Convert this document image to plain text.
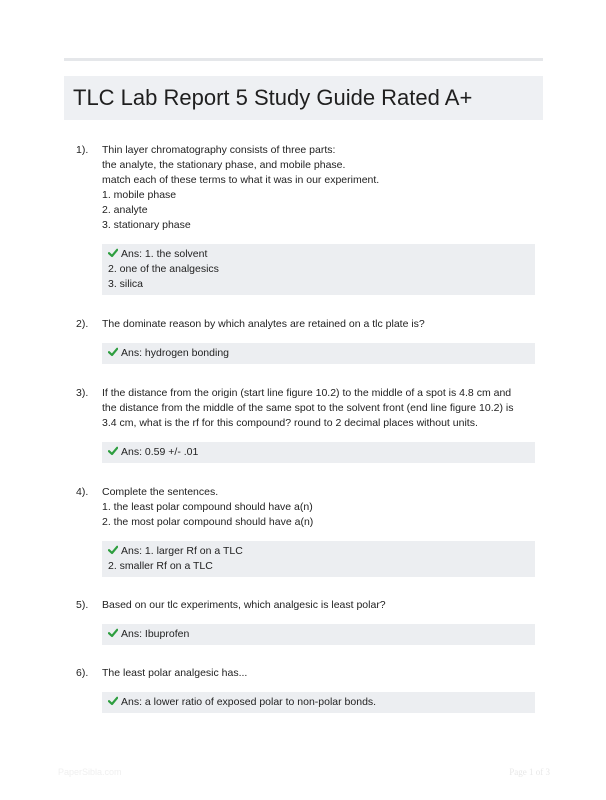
TLC Lab Report 5 Study Guide Rated A+
1). Thin layer chromatography consists of three parts:
the analyte, the stationary phase, and mobile phase.
match each of these terms to what it was in our experiment.
1. mobile phase
2. analyte
3. stationary phase
Ans: 1. the solvent
2. one of the analgesics
3. silica
2). The dominate reason by which analytes are retained on a tlc plate is?
Ans: hydrogen bonding
3). If the distance from the origin (start line figure 10.2) to the middle of a spot is 4.8 cm and
the distance from the middle of the same spot to the solvent front (end line figure 10.2) is
3.4 cm, what is the rf for this compound? round to 2 decimal places without units.
Ans: 0.59 +/- .01
4). Complete the sentences.
1. the least polar compound should have a(n)
2. the most polar compound should have a(n)
Ans: 1. larger Rf on a TLC
2. smaller Rf on a TLC
5). Based on our tlc experiments, which analgesic is least polar?
Ans: Ibuprofen
6). The least polar analgesic has...
Ans: a lower ratio of exposed polar to non-polar bonds.
PaperSibla.com	Page 1 of 3
